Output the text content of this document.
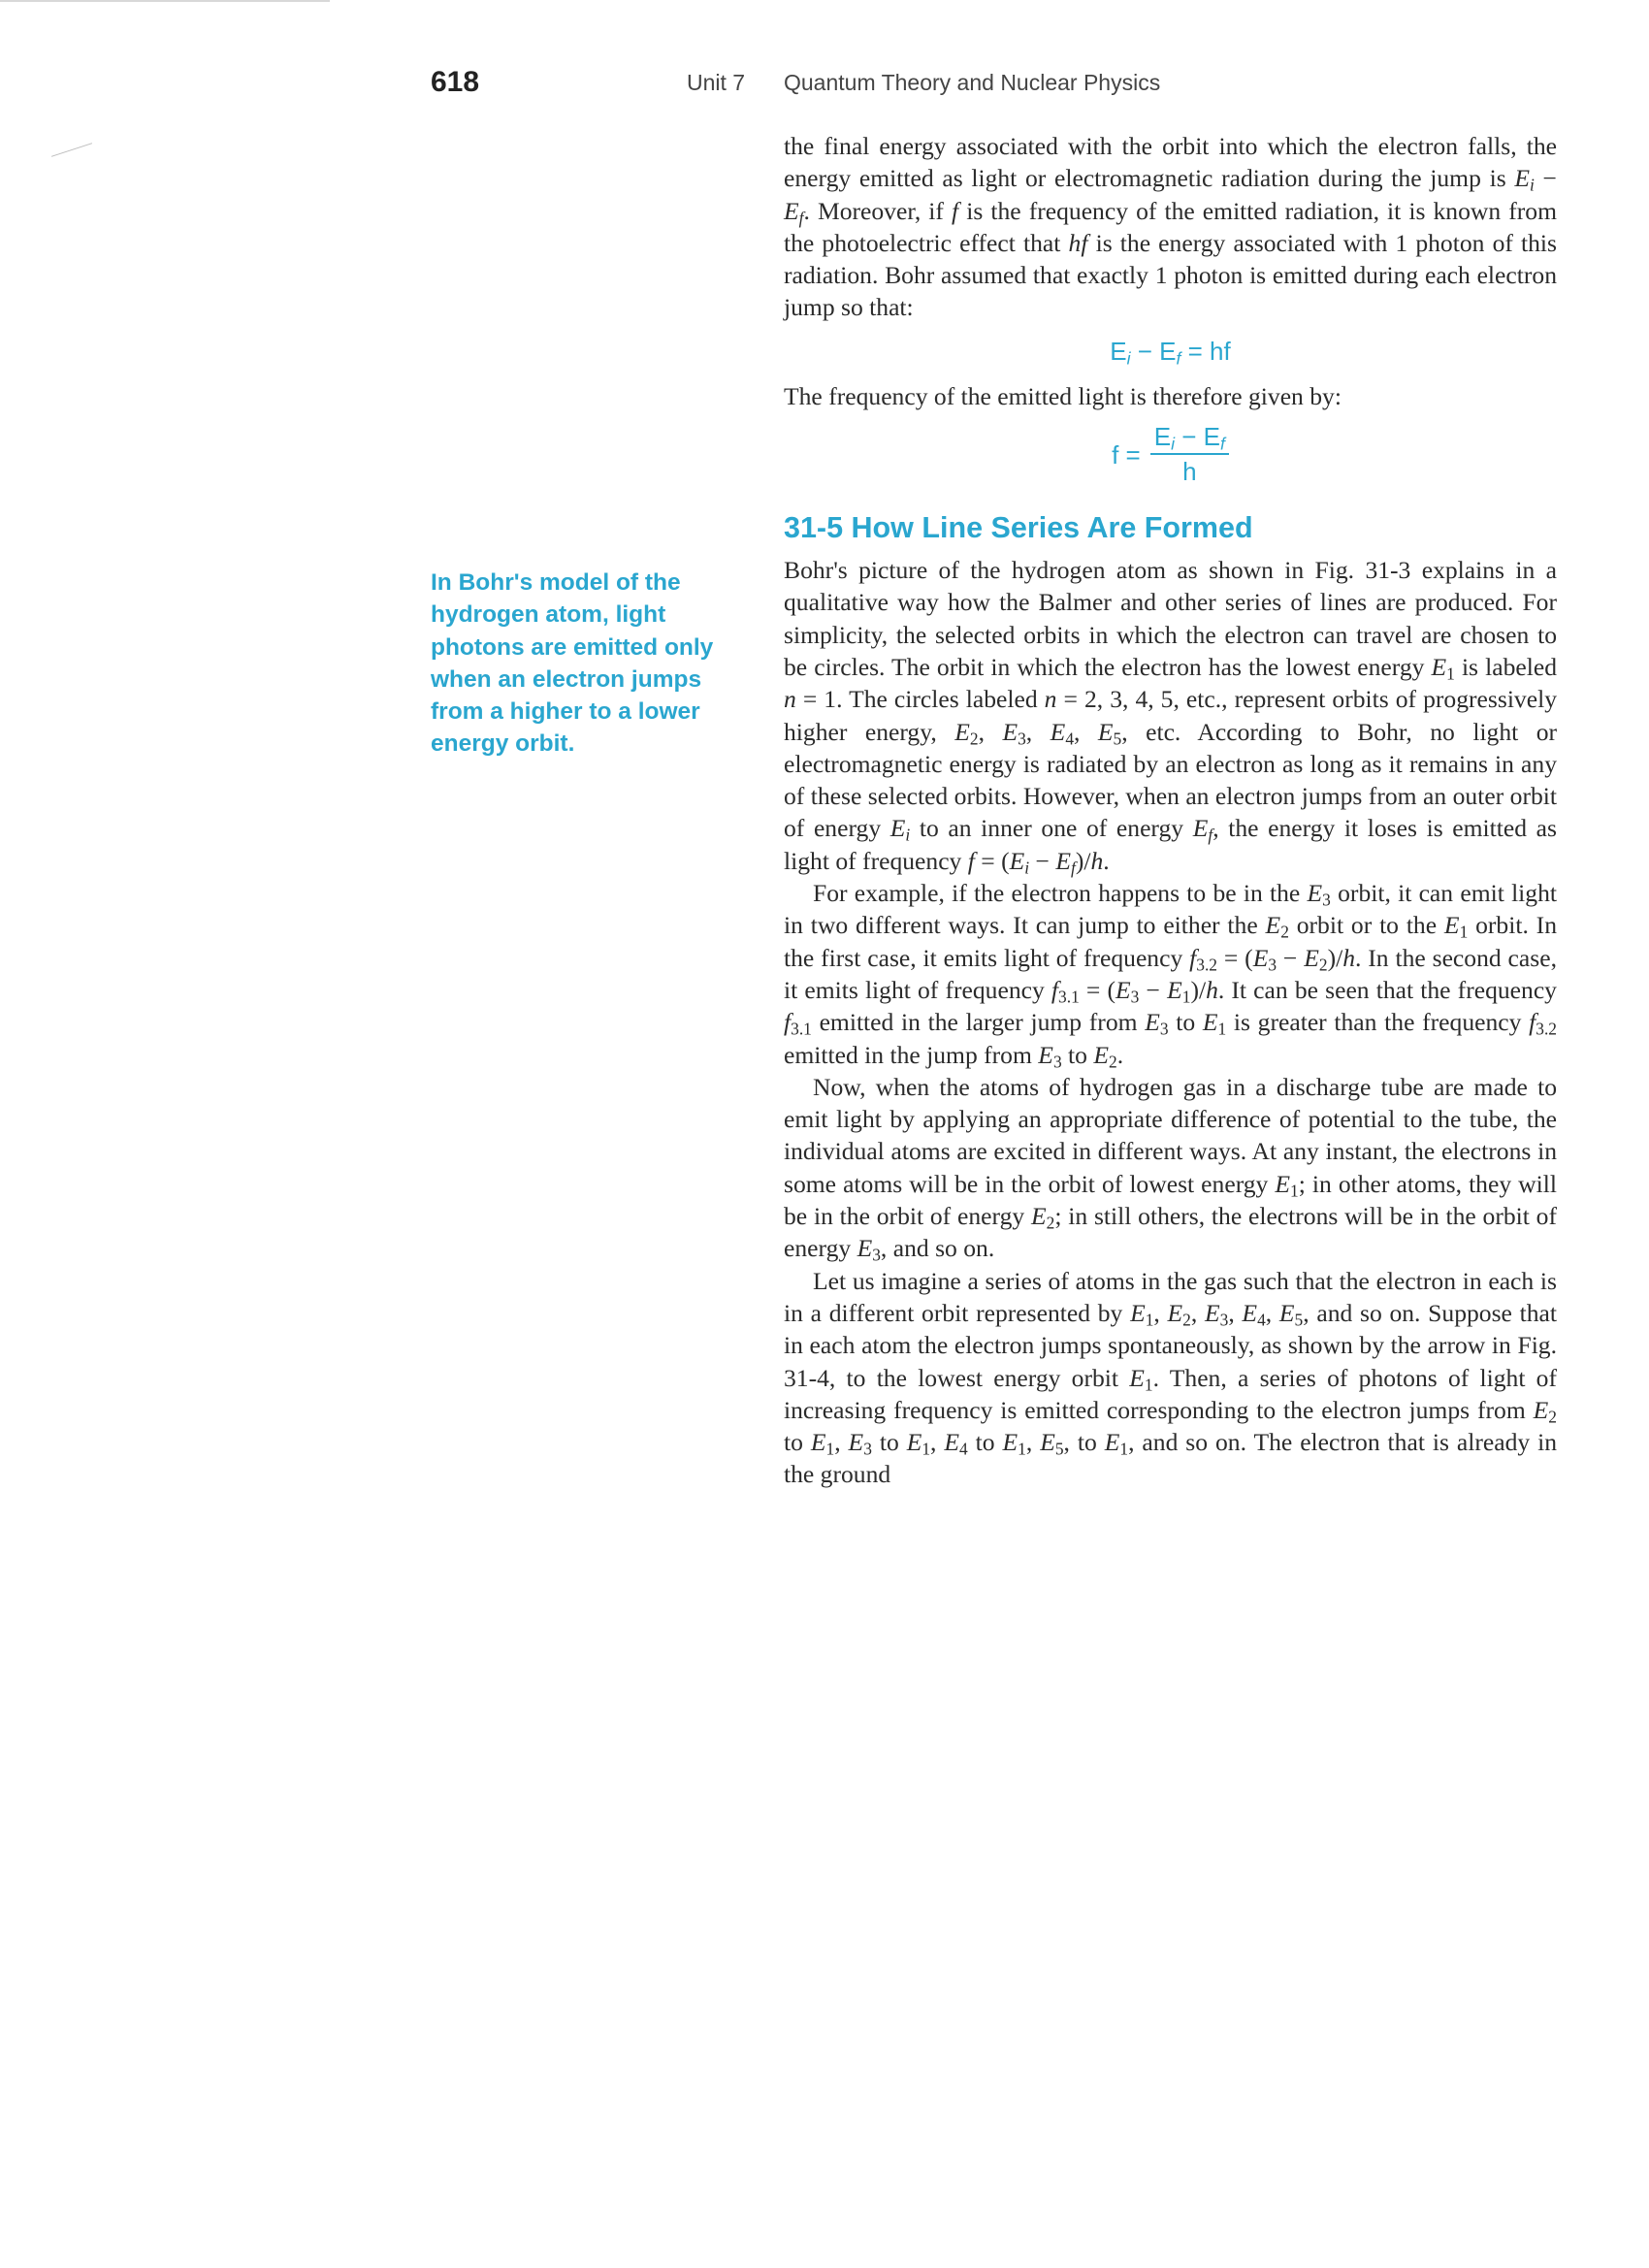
618	Unit 7 Quantum Theory and Nuclear Physics
In Bohr's model of the hydrogen atom, light photons are emitted only when an electron jumps from a higher to a lower energy orbit.

the final energy associated with the orbit into which the electron falls, the energy emitted as light or electromagnetic radiation during the jump is $E_i - E_f$. Moreover, if f is the frequency of the emitted radiation, it is known from the photoelectric effect that hf is the energy associated with 1 photon of this radiation. Bohr assumed that exactly 1 photon is emitted during each electron jump so that:

$E_i - E_f$ = hf

The frequency of the emitted light is therefore given by:

$f = \frac{E_i - E_f}{h}$
31-5 How Line Series Are Formed

Bohr's picture of the hydrogen atom as shown in Fig. 31-3 explains in a qualitative way how the Balmer and other series of lines are produced. For simplicity, the selected orbits in which the electron can travel are chosen to be circles. The orbit in which the electron has the lowest energy $E_1$ is labeled n = 1. The circles labeled n = 2, 3, 4, 5, etc., represent orbits of progressively higher energy, $E_2$, $E_3$, $E_4$, $E_5$, etc. According to Bohr, no light or electromagnetic energy is radiated by an electron as long as it remains in any of these selected orbits. However, when an electron jumps from an outer orbit of energy $E_i$ to an inner one of energy $E_f$, the energy it loses is emitted as light of frequency $f = (E_i - E_f)/h$.

For example, if the electron happens to be in the $E_3$ orbit, it can emit light in two different ways. It can jump to either the $E_2$ orbit or to the $E_1$ orbit. In the first case, it emits light of frequency $f_{3.2} = (E_3 - E_2)/h$. In the second case, it emits light of frequency $f_{3.1} = (E_3 - E_1)/h$. It can be seen that the frequency $f_{3.1}$ emitted in the larger jump from $E_3$ to $E_1$ is greater than the frequency $f_{3.2}$ emitted in the jump from $E_3$ to $E_2$.

Now, when the atoms of hydrogen gas in a discharge tube are made to emit light by applying an appropriate difference of potential to the tube, the individual atoms are excited in different ways. At any instant, the electrons in some atoms will be in the orbit of lowest energy $E_1$; in other atoms, they will be in the orbit of energy $E_2$; in still others, the electrons will be in the orbit of energy $E_3$, and so on.

Let us imagine a series of atoms in the gas such that the electron in each is in a different orbit represented by $E_1$, $E_2$, $E_3$, $E_4$, $E_5$, and so on. Suppose that in each atom the electron jumps spontaneously, as shown by the arrow in Fig. 31-4, to the lowest energy orbit $E_1$. Then, a series of photons of light of increasing frequency is emitted corresponding to the electron jumps from $E_2$ to $E_1$, $E_3$ to $E_1$, $E_4$ to $E_1$, $E_5$, to $E_1$, and so on. The electron that is already in the ground
